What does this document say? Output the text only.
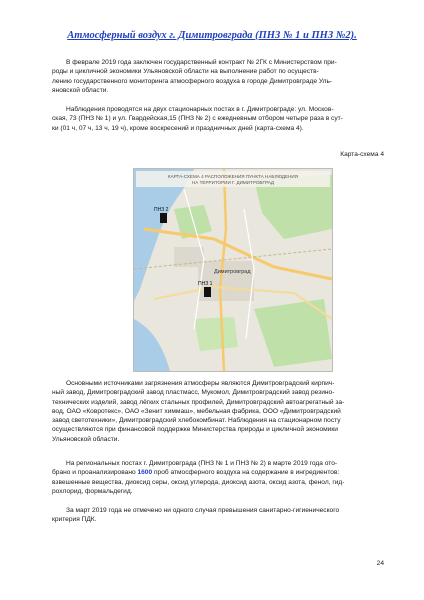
Атмосферный воздух г. Димитровграда (ПНЗ № 1 и ПНЗ №2).

В феврале 2019 года заключен государственный контракт № 2ГК с Министерством при-
роды и цикличной экономики Ульяновской области на выполнение работ по осуществ-
лению государственного мониторинга атмосферного воздуха в городе Димитровграде Уль-
яновской области.

Наблюдения проводятся на двух стационарных постах в г. Димитровграде: ул. Москов-
ская, 73 (ПНЗ № 1) и ул. Гвардейская,15 (ПНЗ № 2) с ежедневным отбором четыре раза в сут-
ки (01 ч, 07 ч, 13 ч, 19 ч), кроме воскресений и праздничных дней (карта-схема 4).

Карта-схема 4
КАРТА-СХЕМА 4 РАСПОЛОЖЕНИЯ ПУНКТА НАБЛЮДЕНИЯ
НА ТЕРРИТОРИИ Г. ДИМИТРОВГРАД
ПНЗ 2
ПНЗ 1
Димитровград

Основными источниками загрязнения атмосферы являются Димитровградский кирпич-
ный завод, Димитровградский завод пластмасс, Мукомол, Димитровградский завод резино-
технических изделий, завод лёгких стальных профилей, Димитровградский автоагрегатный за-
вод, ОАО «Ковротекс», ОАО «Зенит химмаш», мебельная фабрика, ООО «Димитровградский
завод светотехники», Димитровградский хлебокомбинат. Наблюдения на стационарном посту
осуществляются при финансовой поддержке Министерства природы и цикличной экономики
Ульяновской области.

На региональных постах г. Димитровграда (ПНЗ № 1 и ПНЗ № 2) в марте 2019 года ото-
брано и проанализировано 1600 проб атмосферного воздуха на содержание в ингредиентов:
взвешенные вещества, диоксид серы, оксид углерода, диоксид азота, оксид азота, фенол, гид-
рохлорид, формальдегид.

За март 2019 года не отмечено ни одного случая превышения санитарно-гигиенического
критерия ПДК.

24
